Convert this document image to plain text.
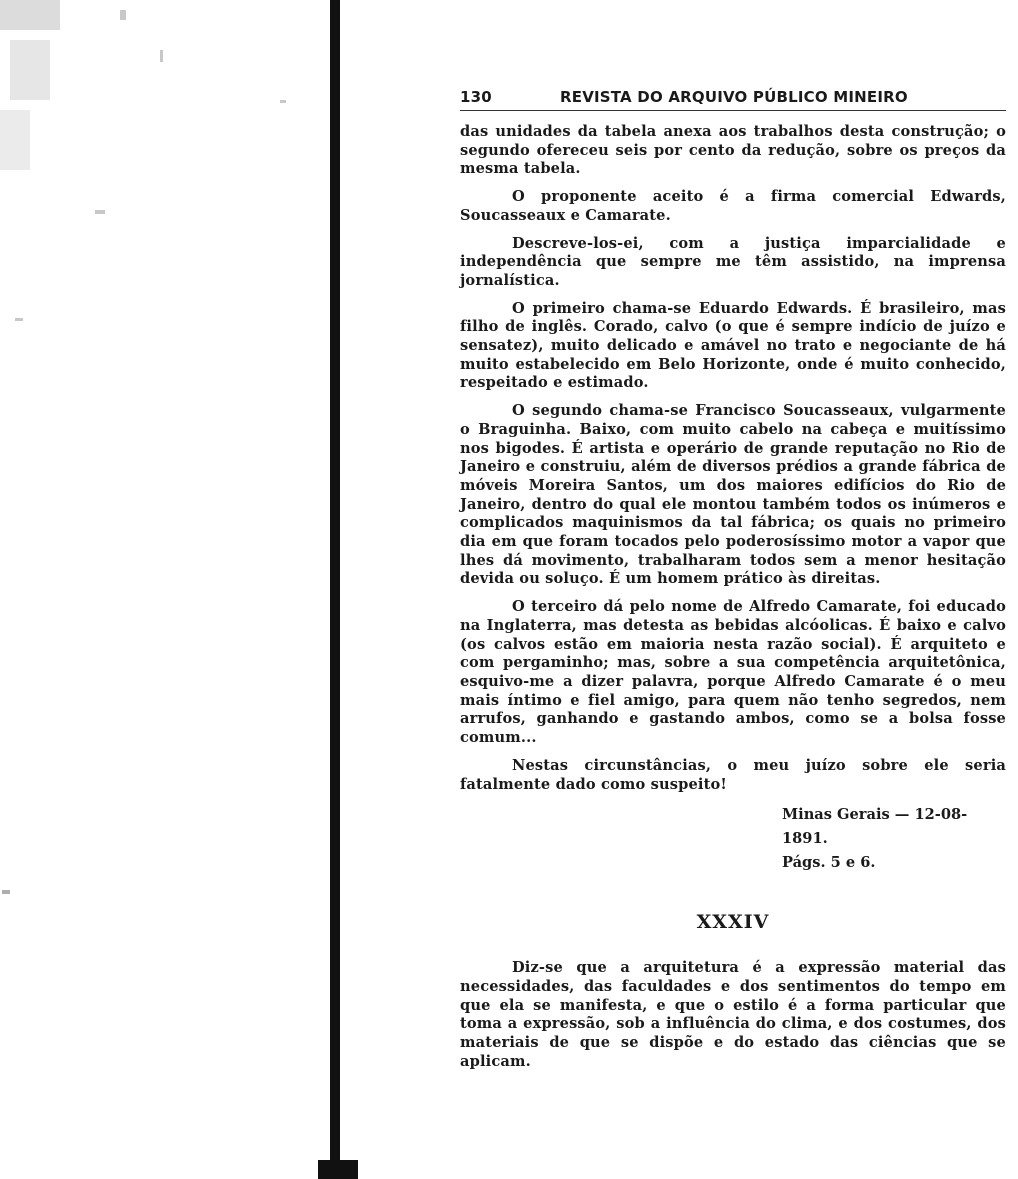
130	REVISTA DO ARQUIVO PÚBLICO MINEIRO

das unidades da tabela anexa aos trabalhos desta construção; o segundo ofereceu seis por cento da redução, sobre os preços da mesma tabela.

O proponente aceito é a firma comercial Edwards, Soucasseaux e Camarate.

Descreve-los-ei, com a justiça imparcialidade e independência que sempre me têm assistido, na imprensa jornalística.

O primeiro chama-se Eduardo Edwards. É brasileiro, mas filho de inglês. Corado, calvo (o que é sempre indício de juízo e sensatez), muito delicado e amável no trato e negociante de há muito estabelecido em Belo Horizonte, onde é muito conhecido, respeitado e estimado.

O segundo chama-se Francisco Soucasseaux, vulgarmente o Braguinha. Baixo, com muito cabelo na cabeça e muitíssimo nos bigodes. É artista e operário de grande reputação no Rio de Janeiro e construiu, além de diversos prédios a grande fábrica de móveis Moreira Santos, um dos maiores edifícios do Rio de Janeiro, dentro do qual ele montou também todos os inúmeros e complicados maquinismos da tal fábrica; os quais no primeiro dia em que foram tocados pelo poderosíssimo motor a vapor que lhes dá movimento, trabalharam todos sem a menor hesitação devida ou soluço. É um homem prático às direitas.

O terceiro dá pelo nome de Alfredo Camarate, foi educado na Inglaterra, mas detesta as bebidas alcóolicas. É baixo e calvo (os calvos estão em maioria nesta razão social). É arquiteto e com pergaminho; mas, sobre a sua competência arquitetônica, esquivo-me a dizer palavra, porque Alfredo Camarate é o meu mais íntimo e fiel amigo, para quem não tenho segredos, nem arrufos, ganhando e gastando ambos, como se a bolsa fosse comum...

Nestas circunstâncias, o meu juízo sobre ele seria fatalmente dado como suspeito!

Minas Gerais — 12-08-1891.
Págs. 5 e 6.
XXXIV

Diz-se que a arquitetura é a expressão material das necessidades, das faculdades e dos sentimentos do tempo em que ela se manifesta, e que o estilo é a forma particular que toma a expressão, sob a influência do clima, e dos costumes, dos materiais de que se dispõe e do estado das ciências que se aplicam.
